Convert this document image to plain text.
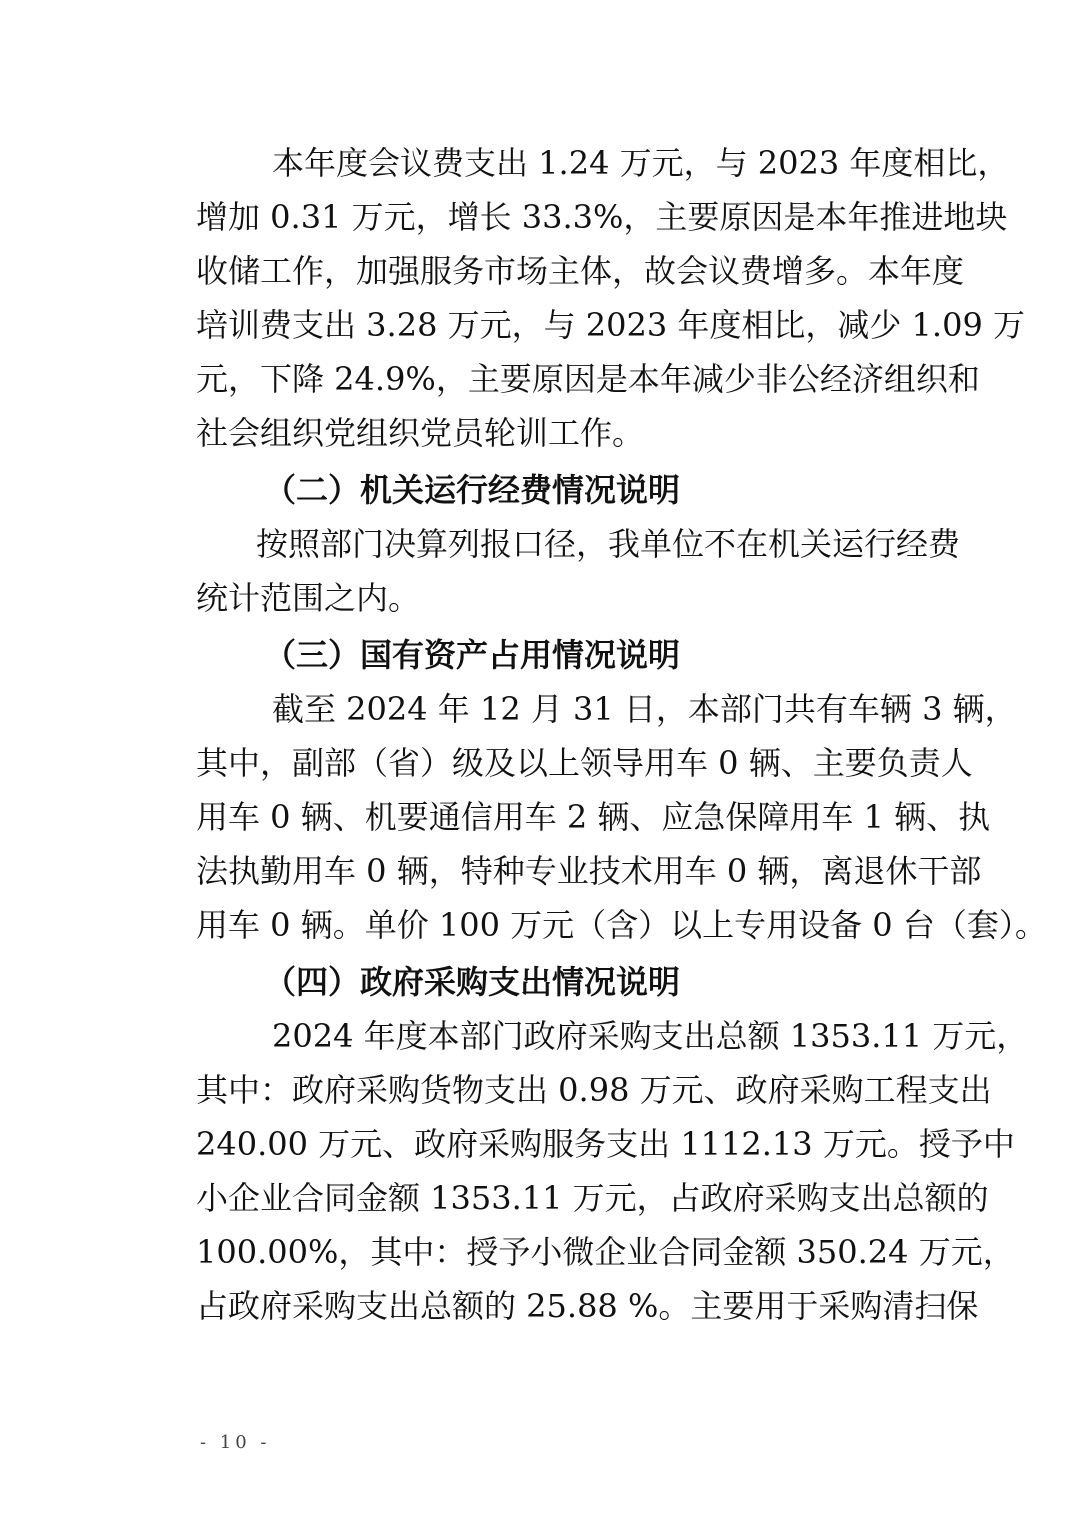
本年度会议费支出 1.24 万元，与 2023 年度相比，
增加 0.31 万元，增长 33.3%，主要原因是本年推进地块
收储工作，加强服务市场主体，故会议费增多。本年度
培训费支出 3.28 万元，与 2023 年度相比，减少 1.09 万
元，下降 24.9%，主要原因是本年减少非公经济组织和
社会组织党组织党员轮训工作。
（二）机关运行经费情况说明
按照部门决算列报口径，我单位不在机关运行经费
统计范围之内。
（三）国有资产占用情况说明
截至 2024 年 12 月 31 日，本部门共有车辆 3 辆，
其中，副部（省）级及以上领导用车 0 辆、主要负责人
用车 0 辆、机要通信用车 2 辆、应急保障用车 1 辆、执
法执勤用车 0 辆，特种专业技术用车 0 辆，离退休干部
用车 0 辆。单价 100 万元（含）以上专用设备 0 台（套）。
（四）政府采购支出情况说明
2024 年度本部门政府采购支出总额 1353.11 万元，
其中：政府采购货物支出 0.98 万元、政府采购工程支出
240.00 万元、政府采购服务支出 1112.13 万元。授予中
小企业合同金额 1353.11 万元，占政府采购支出总额的
100.00%，其中：授予小微企业合同金额 350.24 万元，
占政府采购支出总额的 25.88 %。主要用于采购清扫保
- 10 -
